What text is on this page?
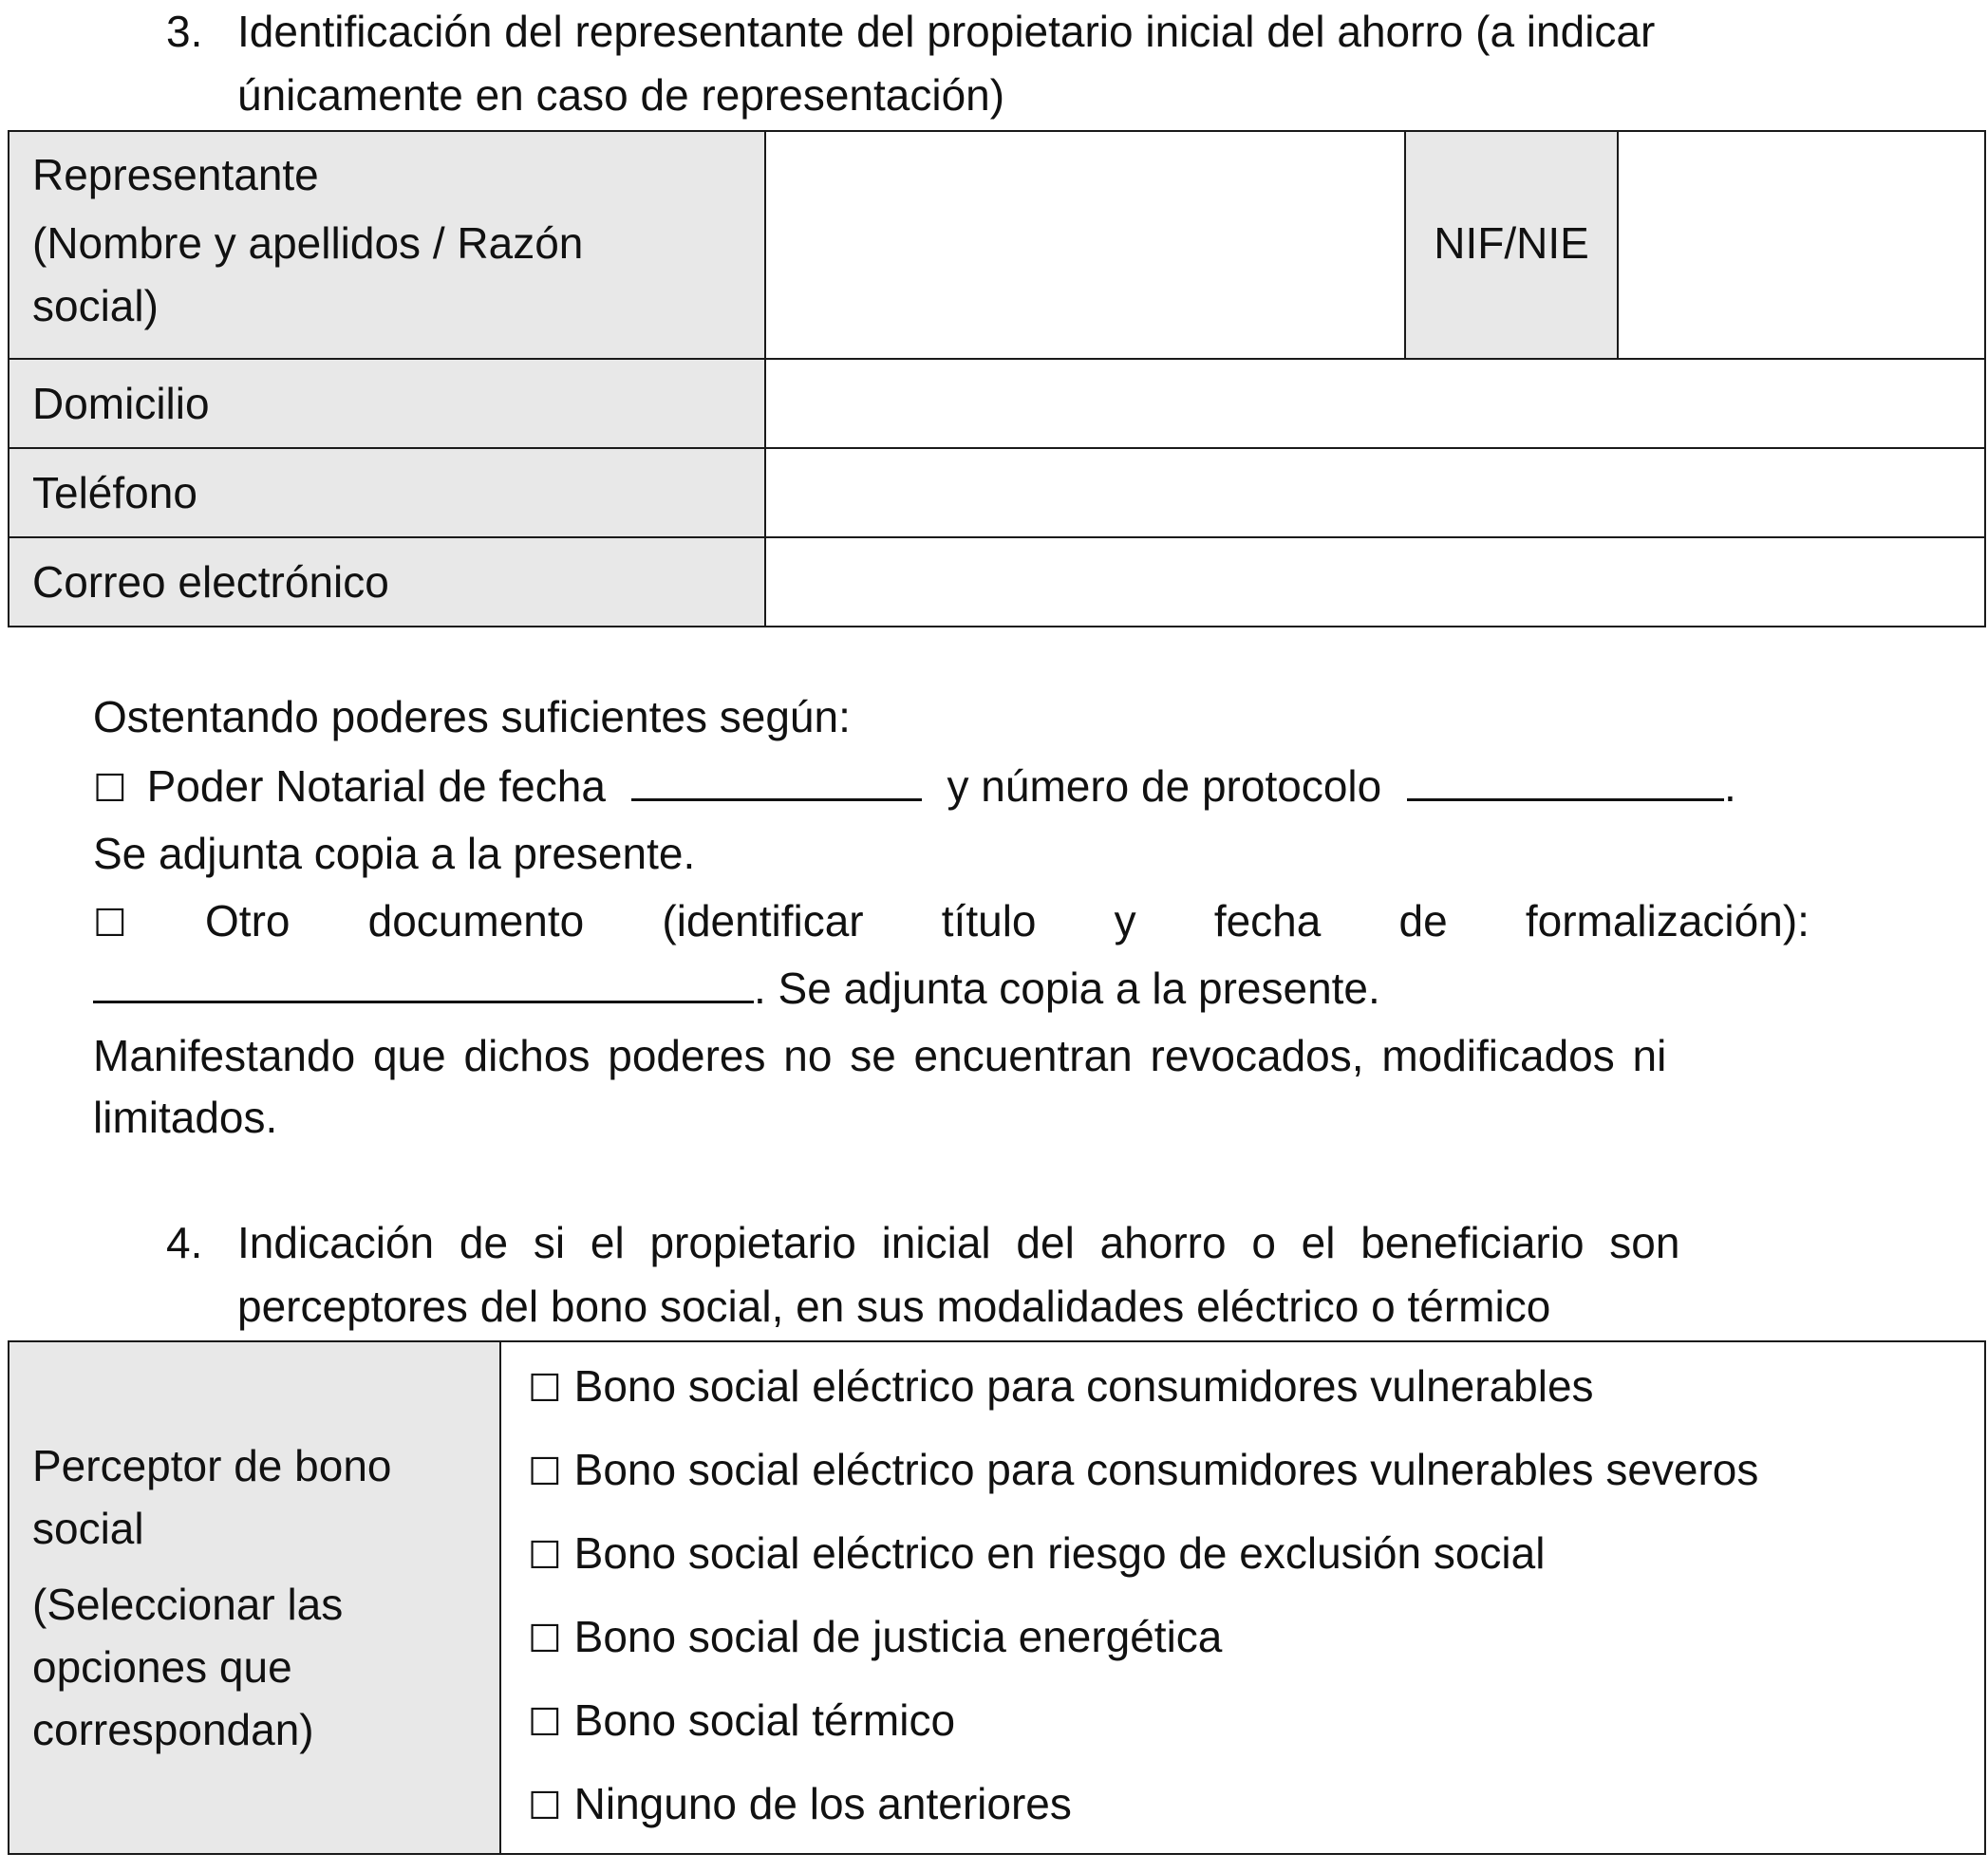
3. Identificación del representante del propietario inicial del ahorro (a indicar
únicamente en caso de representación)
Representante
(Nombre y apellidos / Razón
social)		NIF/NIE	
Domicilio			
Teléfono			
Correo electrónico			
Ostentando poderes suficientes según:
☐ Poder Notarial de fecha	y número de protocolo	.
Se adjunta copia a la presente.
☐ Otro documento (identificar título y fecha de formalización):
. Se adjunta copia a la presente.
Manifestando que dichos poderes no se encuentran revocados, modificados ni
limitados.
4. Indicación de si el propietario inicial del ahorro o el beneficiario son
perceptores del bono social, en sus modalidades eléctrico o térmico
Perceptor de bono
social
(Seleccionar las
opciones que
correspondan)

☐ Bono social eléctrico para consumidores vulnerables
☐ Bono social eléctrico para consumidores vulnerables severos
☐ Bono social eléctrico en riesgo de exclusión social
☐ Bono social de justicia energética
☐ Bono social térmico
☐ Ninguno de los anteriores
